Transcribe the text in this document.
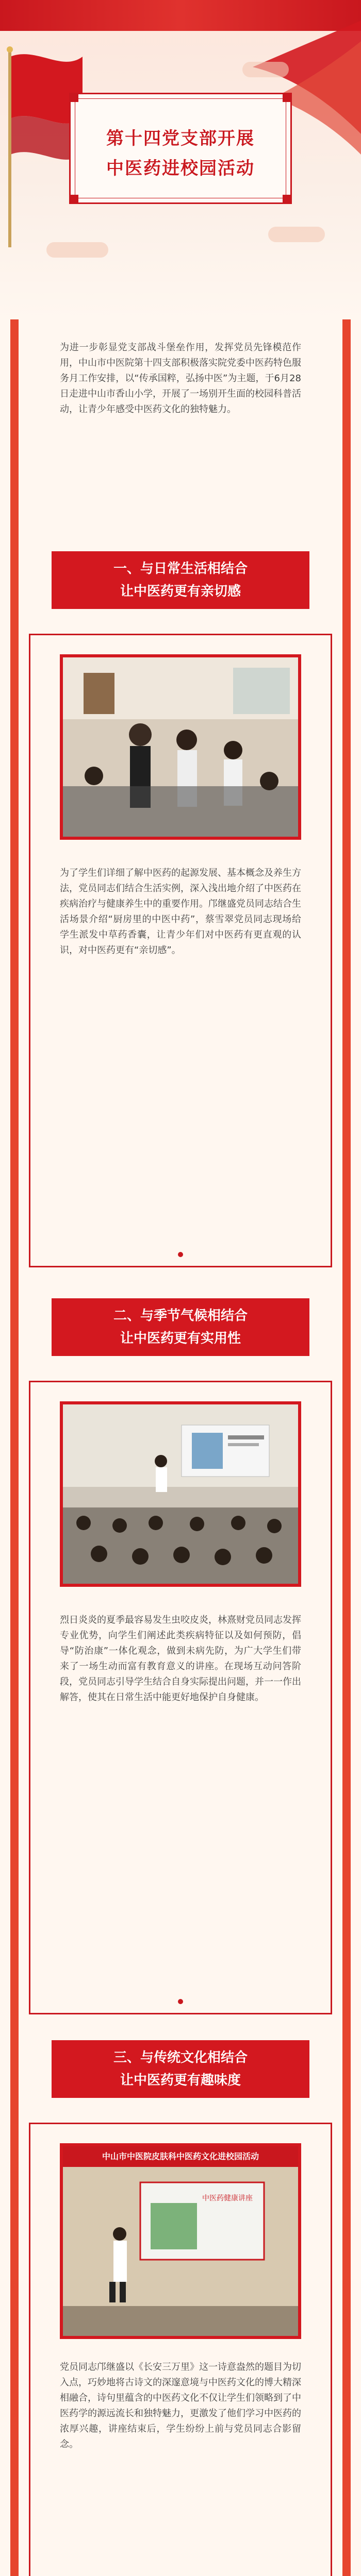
第十四党支部开展
中医药进校园活动
为进一步彰显党支部战斗堡垒作用，发挥党员先锋模范作用，中山市中医院第十四支部积极落实院党委中医药特色服务月工作安排，以“传承国粹，弘扬中医”为主题，于6月28日走进中山市香山小学，开展了一场别开生面的校园科普活动，让青少年感受中医药文化的独特魅力。
一、与日常生活相结合
让中医药更有亲切感
为了学生们详细了解中医药的起源发展、基本概念及养生方法，党员同志们结合生活实例，深入浅出地介绍了中医药在疾病治疗与健康养生中的重要作用。邝继盛党员同志结合生活场景介绍“厨房里的中医中药”，蔡雪翠党员同志现场给学生派发中草药香囊，让青少年们对中医药有更直观的认识，对中医药更有“亲切感”。
二、与季节气候相结合
让中医药更有实用性
烈日炎炎的夏季最容易发生虫咬皮炎，林熹财党员同志发挥专业优势，向学生们阐述此类疾病特征以及如何预防，倡导“防治康”一体化观念，做到未病先防，为广大学生们带来了一场生动而富有教育意义的讲座。在现场互动问答阶段，党员同志引导学生结合自身实际提出问题，并一一作出解答，使其在日常生活中能更好地保护自身健康。
三、与传统文化相结合
让中医药更有趣味度
中山市中医院皮肤科中医药文化进校园活动
中医药健康讲座
党员同志邝继盛以《长安三万里》这一诗意盎然的题目为切入点，巧妙地将古诗文的深邃意境与中医药文化的博大精深相融合，诗句里蕴含的中医药文化不仅让学生们领略到了中医药学的源远流长和独特魅力，更激发了他们学习中医药的浓厚兴趣，讲座结束后，学生纷纷上前与党员同志合影留念。
